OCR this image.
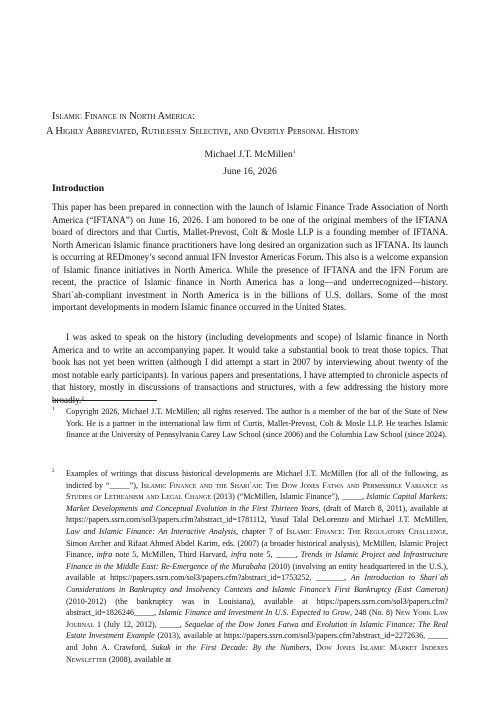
Islamic Finance in North America:
A Highly Abbreviated, Ruthlessly Selective, and Overtly Personal History
Michael J.T. McMillen$^1$
June 16, 2026
Introduction
This paper has been prepared in connection with the launch of Islamic Finance Trade Association of North America (“IFTANA”) on June 16, 2026. I am honored to be one of the original members of the IFTANA board of directors and that Curtis, Mallet-Prevost, Colt & Mosle LLP is a founding member of IFTANA. North American Islamic finance practitioners have long desired an organization such as IFTANA. Its launch is occurring at REDmoney’s second annual IFN Investor Americas Forum. This also is a welcome expansion of Islamic finance initiatives in North America. While the presence of IFTANA and the IFN Forum are recent, the practice of Islamic finance in North America has a long—and underrecognized—history. Shari`ah-compliant investment in North America is in the billions of U.S. dollars. Some of the most important developments in modern Islamic finance occurred in the United States.
I was asked to speak on the history (including developments and scope) of Islamic finance in North America and to write an accompanying paper. It would take a substantial book to treat those topics. That book has not yet been written (although I did attempt a start in 2007 by interviewing about twenty of the most notable early participants). In various papers and presentations, I have attempted to chronicle aspects of that history, mostly in discussions of transactions and structures, with a few addressing the history more broadly.$^2$
1 Copyright 2026, Michael J.T. McMillen; all rights reserved. The author is a member of the bar of the State of New York. He is a partner in the international law firm of Curtis, Mallet-Prevost, Colt & Mosle LLP. He teaches Islamic finance at the University of Pennsylvania Carey Law School (since 2006) and the Columbia Law School (since 2024).
2 Examples of writings that discuss historical developments are Michael J.T. McMillen (for all of the following, as indicted by “_____”), Islamic Finance and the Shari`ah: The Dow Jones Fatwa and Permissible Variance as Studies of Letheanism and Legal Change (2013) (“McMillen, Islamic Finance”), _____, Islamic Capital Markets: Market Developments and Conceptual Evolution in the First Thirteen Years, (draft of March 8, 2011), available at https://papers.ssrn.com/sol3/papers.cfm?abstract_id=1781112, Yusuf Talal DeLorenzo and Michael J.T. McMillen, Law and Islamic Finance: An Interactive Analysis, chapter 7 of Islamic Finance: The Regulatory Challenge, Simon Archer and Rifaat Ahmed Abdel Karim, eds. (2007) (a broader historical analysis), McMillen, Islamic Project Finance, infra note 5, McMillen, Third Harvard, infra note 5, _____, Trends in Islamic Project and Infrastructure Finance in the Middle East: Re-Emergence of the Murabaha (2010) (involving an entity headquartered in the U.S.), available at https://papers.ssrn.com/sol3/papers.cfm?abstract_id=1753252, _______, An Introduction to Shari`ah Considerations in Bankruptcy and Insolvency Contexts and Islamic Finance’s First Bankruptcy (East Cameron) (2010-2012) (the bankruptcy was in Louisiana), available at https://papers.ssrn.com/sol3/papers.cfm?abstract_id=1826246_____, Islamic Finance and Investment In U.S. Expected to Grow, 248 (No. 8) New York Law Journal 1 (July 12, 2012), _____, Sequelae of the Dow Jones Fatwa and Evolution in Islamic Finance: The Real Estate Investment Example (2013), available at https://papers.ssrn.com/sol3/papers.cfm?abstract_id=2272636, _____ and John A. Crawford, Sukuk in the First Decade: By the Numbers, Dow Jones Islamic Market Indexes Newsletter (2008), available at
